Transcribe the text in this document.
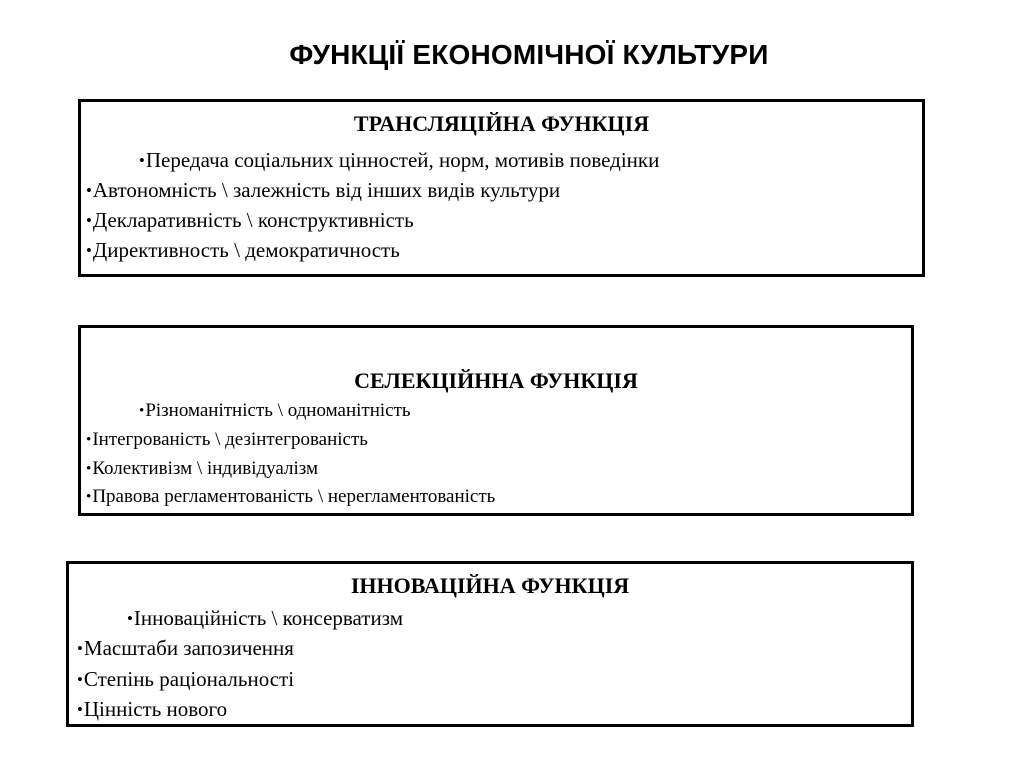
ФУНКЦІЇ ЕКОНОМІЧНОЇ КУЛЬТУРИ
ТРАНСЛЯЦІЙНА ФУНКЦІЯ
•Передача соціальних цінностей, норм, мотивів поведінки
•Автономність \ залежність від інших видів культури
•Декларативність \ конструктивність
•Директивность \ демократичность
СЕЛЕКЦІЙННА ФУНКЦІЯ
•Різноманітність \ одноманітність
•Інтегрованість \ дезінтегрованість
•Колективізм \ індивідуалізм
•Правова регламентованість \ нерегламентованість
ІННОВАЦІЙНА ФУНКЦІЯ
•Інноваційність \ консерватизм
•Масштаби запозичення
•Степінь раціональності
•Цінність нового
